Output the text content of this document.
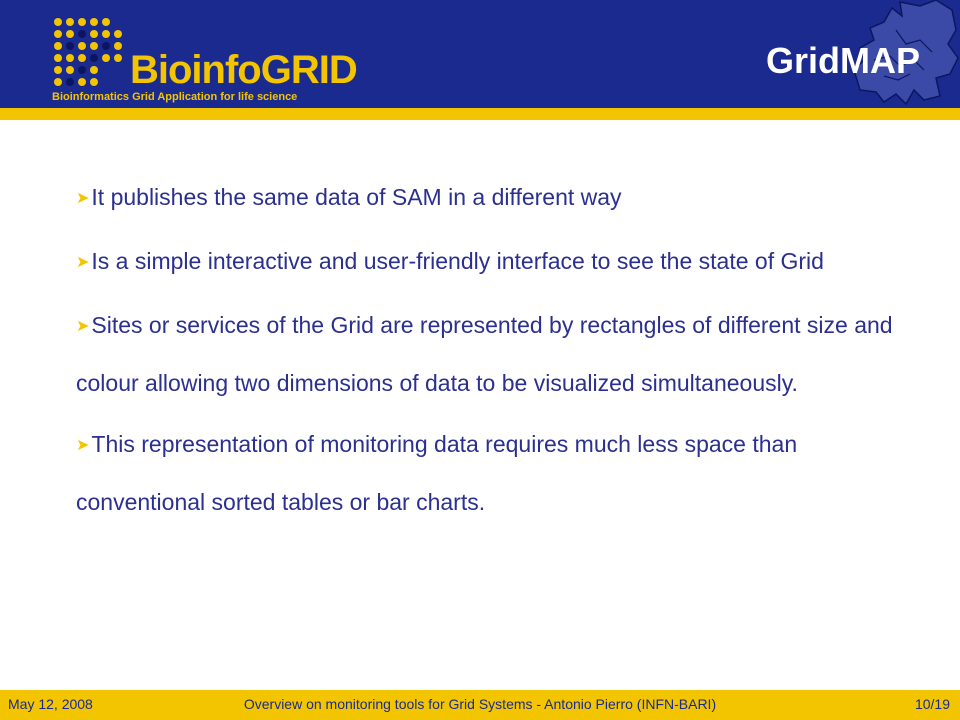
BioinfoGRID
Bioinformatics Grid Application for life science
GridMAP
➤It publishes the same data of SAM in a different way
➤Is a simple interactive and user-friendly interface to see the state of Grid
➤Sites or services of the Grid are represented by rectangles of different size and colour allowing two dimensions of data to be visualized simultaneously.
➤This representation of monitoring data requires much less space than conventional sorted tables or bar charts.
Overview on monitoring tools for Grid Systems - Antonio Pierro (INFN-BARI)
May 12, 2008	10/19
